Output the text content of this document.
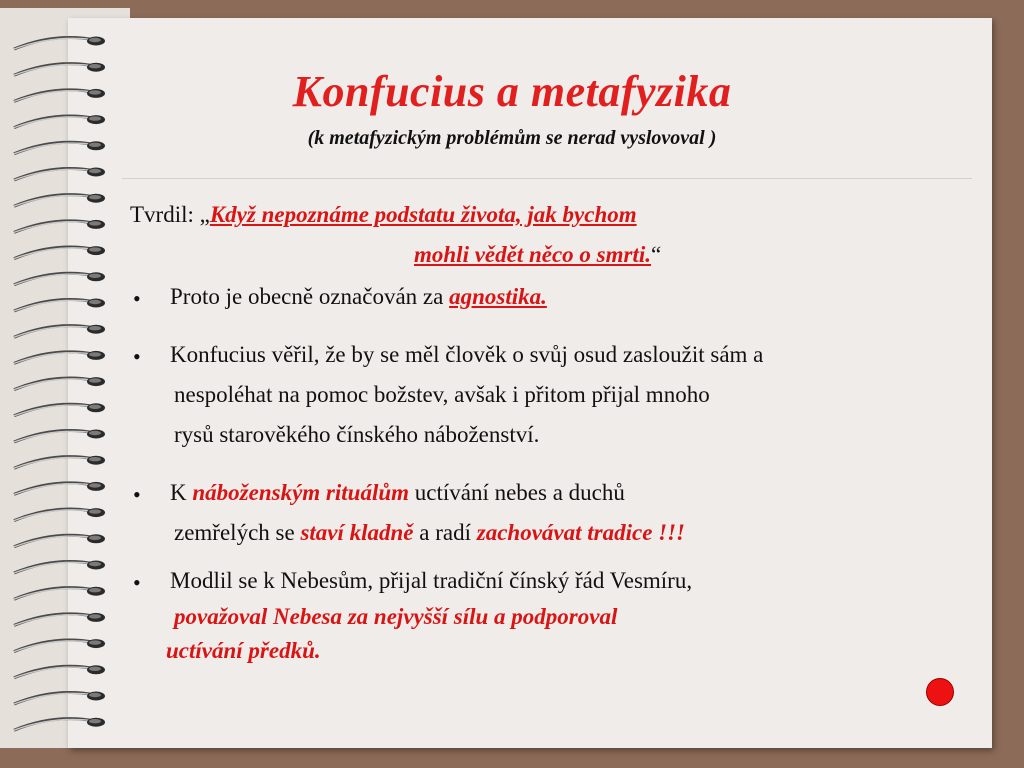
Konfucius a metafyzika
(k metafyzickým problémům se nerad vyslovoval )
Tvrdil: „Když nepoznáme podstatu života, jak bychom
mohli vědět něco o smrti.“
• Proto je obecně označován za agnostika.
• Konfucius věřil, že by se měl člověk o svůj osud zasloužit sám a
nespoléhat na pomoc božstev, avšak i přitom přijal mnoho
rysů starověkého čínského náboženství.
• K náboženským rituálům uctívání nebes a duchů
zemřelých se staví kladně a radí zachovávat tradice !!!
• Modlil se k Nebesům, přijal tradiční čínský řád Vesmíru,
považoval Nebesa za nejvyšší sílu a podporoval
uctívání předků.
